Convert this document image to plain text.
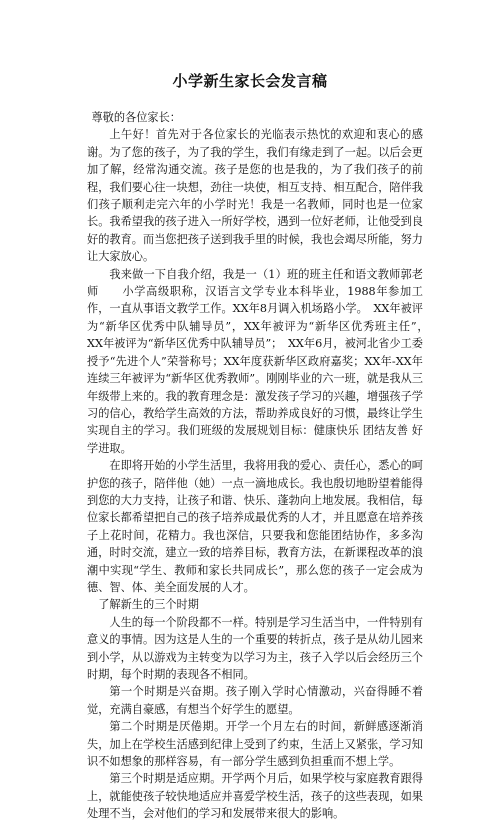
小学新生家长会发言稿

尊敬的各位家长：

上午好！首先对于各位家长的光临表示热忱的欢迎和衷心的感谢。为了您的孩子，为了我的学生，我们有缘走到了一起。以后会更加了解，经常沟通交流。孩子是您的也是我的，为了我们孩子的前程，我们要心往一块想，劲往一块使，相互支持、相互配合，陪伴我们孩子顺利走完六年的小学时光！我是一名教师，同时也是一位家长。我希望我的孩子进入一所好学校，遇到一位好老师，让他受到良好的教育。而当您把孩子送到我手里的时候，我也会竭尽所能，努力让大家放心。

我来做一下自我介绍，我是一（1）班的班主任和语文教师郭老师　　小学高级职称，汉语言文学专业本科毕业，1988年参加工作，一直从事语文教学工作。XX年8月调入机场路小学。　XX年被评为“新华区优秀中队辅导员”，XX年被评为“新华区优秀班主任”，　XX年被评为“新华区优秀中队辅导员”；　XX年6月，被河北省少工委授予“先进个人”荣誉称号；XX年度获新华区政府嘉奖；XX年-XX年连续三年被评为“新华区优秀教师”。刚刚毕业的六一班，就是我从三年级带上来的。我的教育理念是：激发孩子学习的兴趣，增强孩子学习的信心，教给学生高效的方法，帮助养成良好的习惯，最终让学生实现自主的学习。我们班级的发展规划目标：健康快乐 团结友善 好学进取。

在即将开始的小学生活里，我将用我的爱心、责任心，悉心的呵护您的孩子，陪伴他（她）一点一滴地成长。我也殷切地盼望着能得到您的大力支持，让孩子和谐、快乐、蓬勃向上地发展。我相信，每位家长都希望把自己的孩子培养成最优秀的人才，并且愿意在培养孩子上花时间，花精力。我也深信，只要我和您能团结协作，多多沟通，时时交流，建立一致的培养目标，教育方法，在新课程改革的浪潮中实现“学生、教师和家长共同成长”，那么您的孩子一定会成为德、智、体、美全面发展的人才。

了解新生的三个时期

人生的每一个阶段都不一样。特别是学习生活当中，一件特别有意义的事情。因为这是人生的一个重要的转折点，孩子是从幼儿园来到小学，从以游戏为主转变为以学习为主，孩子入学以后会经历三个时期，每个时期的表现各不相同。

第一个时期是兴奋期。孩子刚入学时心情激动，兴奋得睡不着觉，充满自豪感，有想当个好学生的愿望。

第二个时期是厌倦期。开学一个月左右的时间，新鲜感逐渐消失，加上在学校生活感到纪律上受到了约束，生活上又紧张，学习知识不如想象的那样容易，有一部分学生感到负担重而不想上学。

第三个时期是适应期。开学两个月后，如果学校与家庭教育跟得上，就能使孩子较快地适应并喜爱学校生活，孩子的这些表现，如果处理不当，会对他们的学习和发展带来很大的影响。
